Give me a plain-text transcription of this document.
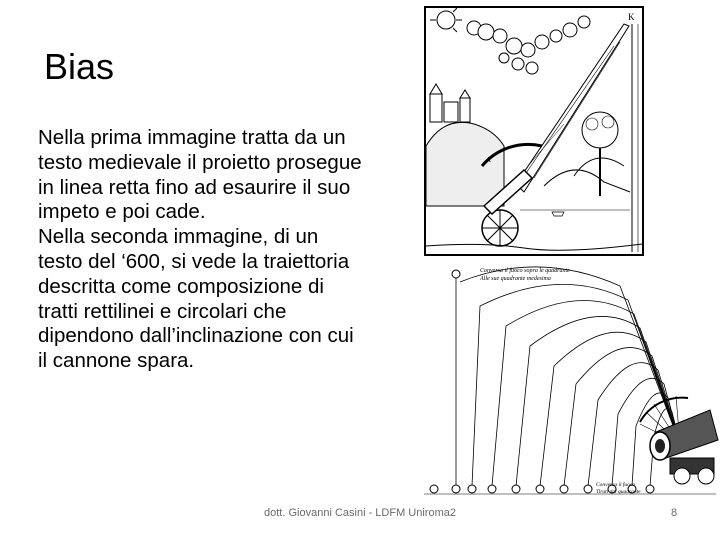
Bias
Nella prima immagine tratta da un testo medievale il proietto prosegue in linea retta fino ad esaurire il suo impeto e poi cade.
Nella seconda immagine, di un testo del ‘600, si vede la traiettoria descritta come composizione di tratti rettilinei e circolari che dipendono dall’inclinazione con cui il cannone spara.
K
A
Conversa il fuoco sopra le quadrante
Alle sue quadrante medesima
Conversa il fuoco
Tirati dal quadrante
dott. Giovanni Casini - LDFM Uniroma2	8
